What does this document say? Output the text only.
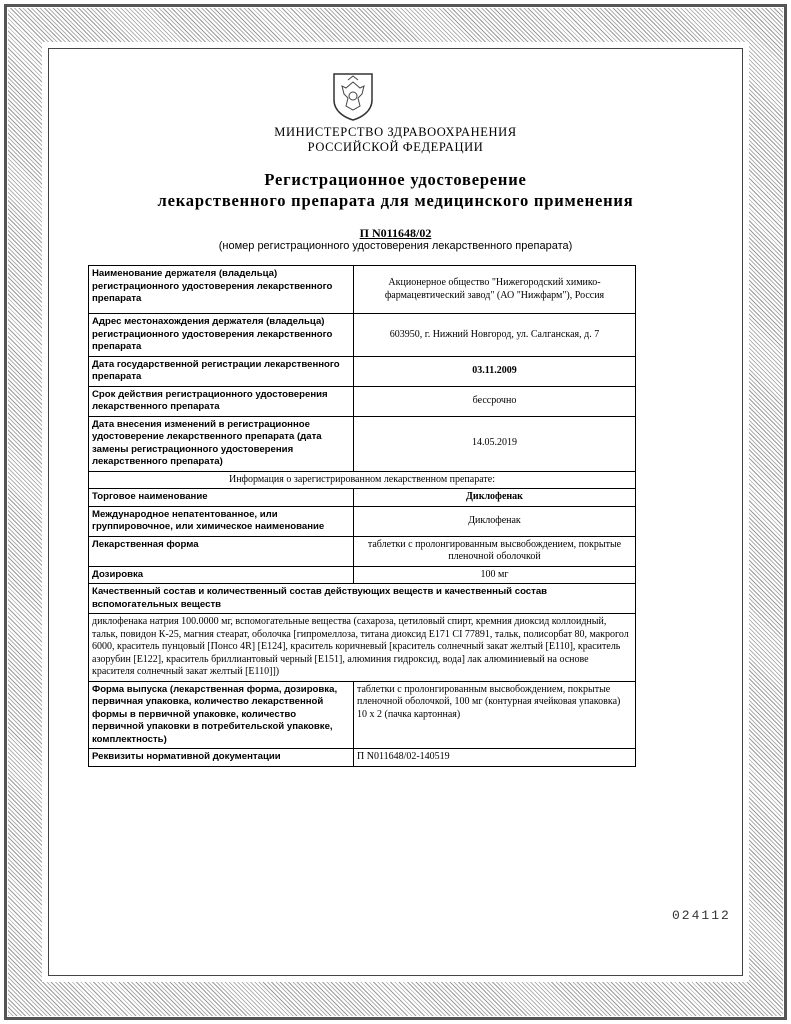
МИНИСТЕРСТВО ЗДРАВООХРАНЕНИЯ
РОССИЙСКОЙ ФЕДЕРАЦИИ
Регистрационное удостоверение
лекарственного препарата для медицинского применения
П N011648/02
(номер регистрационного удостоверения лекарственного препарата)
Наименование держателя (владельца) регистрационного удостоверения лекарственного препарата	Акционерное общество "Нижегородский химико-фармацевтический завод" (АО "Нижфарм"), Россия
Адрес местонахождения держателя (владельца) регистрационного удостоверения лекарственного препарата	603950, г. Нижний Новгород, ул. Салганская, д. 7
Дата государственной регистрации лекарственного препарата	03.11.2009
Срок действия регистрационного удостоверения лекарственного препарата	бессрочно
Дата внесения изменений в регистрационное удостоверение лекарственного препарата (дата замены регистрационного удостоверения лекарственного препарата)	14.05.2019
Информация о зарегистрированном лекарственном препарате:	
Торговое наименование	Диклофенак
Международное непатентованное, или группировочное, или химическое наименование	Диклофенак
Лекарственная форма	таблетки с пролонгированным высвобождением, покрытые пленочной оболочкой
Дозировка	100 мг
Качественный состав и количественный состав действующих веществ и качественный состав вспомогательных веществ	
диклофенака натрия 100.0000 мг, вспомогательные вещества (сахароза, цетиловый спирт, кремния диоксид коллоидный, тальк, повидон К-25, магния стеарат, оболочка [гипромеллоза, титана диоксид Е171 CI 77891, тальк, полисорбат 80, макрогол 6000, краситель пунцовый [Понсо 4R] [Е124], краситель коричневый [краситель солнечный закат желтый [Е110], краситель азорубин [Е122], краситель бриллиантовый черный [Е151], алюминия гидроксид, вода] лак алюминиевый на основе красителя солнечный закат желтый [Е110]])	
Форма выпуска (лекарственная форма, дозировка, первичная упаковка, количество лекарственной формы в первичной упаковке, количество первичной упаковки в потребительской упаковке, комплектность)	таблетки с пролонгированным высвобождением, покрытые пленочной оболочкой, 100 мг (контурная ячейковая упаковка) 10 x 2 (пачка картонная)
Реквизиты нормативной документации	П N011648/02-140519
024112
